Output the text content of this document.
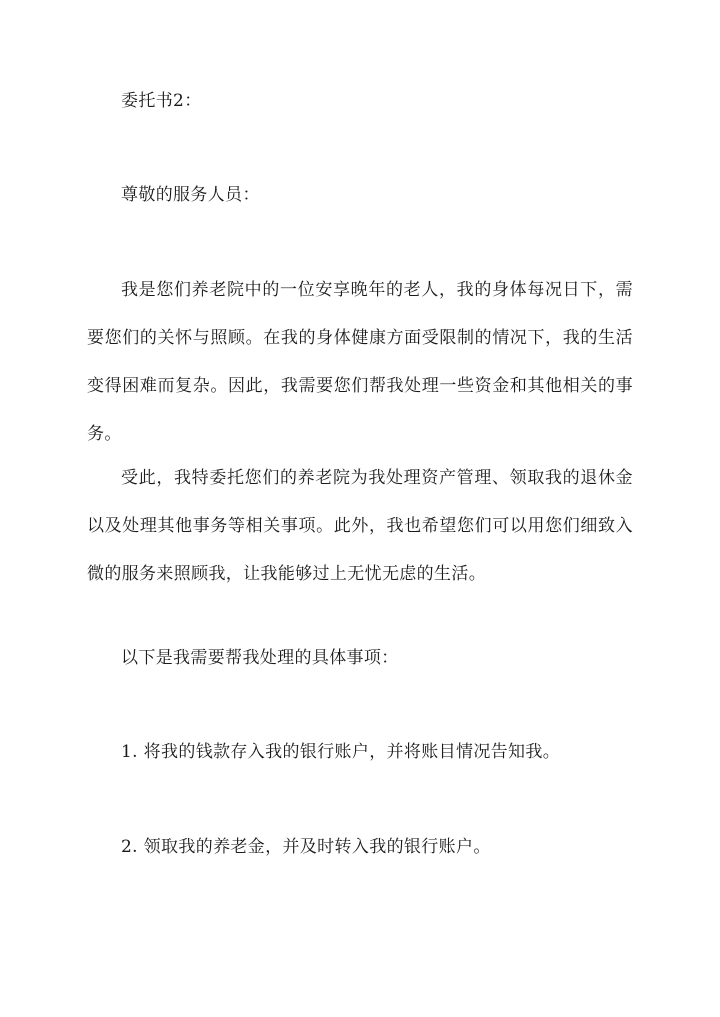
委托书2：
尊敬的服务人员：
我是您们养老院中的一位安享晚年的老人，我的身体每况日下，需要您们的关怀与照顾。在我的身体健康方面受限制的情况下，我的生活变得困难而复杂。因此，我需要您们帮我处理一些资金和其他相关的事务。
受此，我特委托您们的养老院为我处理资产管理、领取我的退休金以及处理其他事务等相关事项。此外，我也希望您们可以用您们细致入微的服务来照顾我，让我能够过上无忧无虑的生活。
以下是我需要帮我处理的具体事项：
1. 将我的钱款存入我的银行账户，并将账目情况告知我。
2. 领取我的养老金，并及时转入我的银行账户。
